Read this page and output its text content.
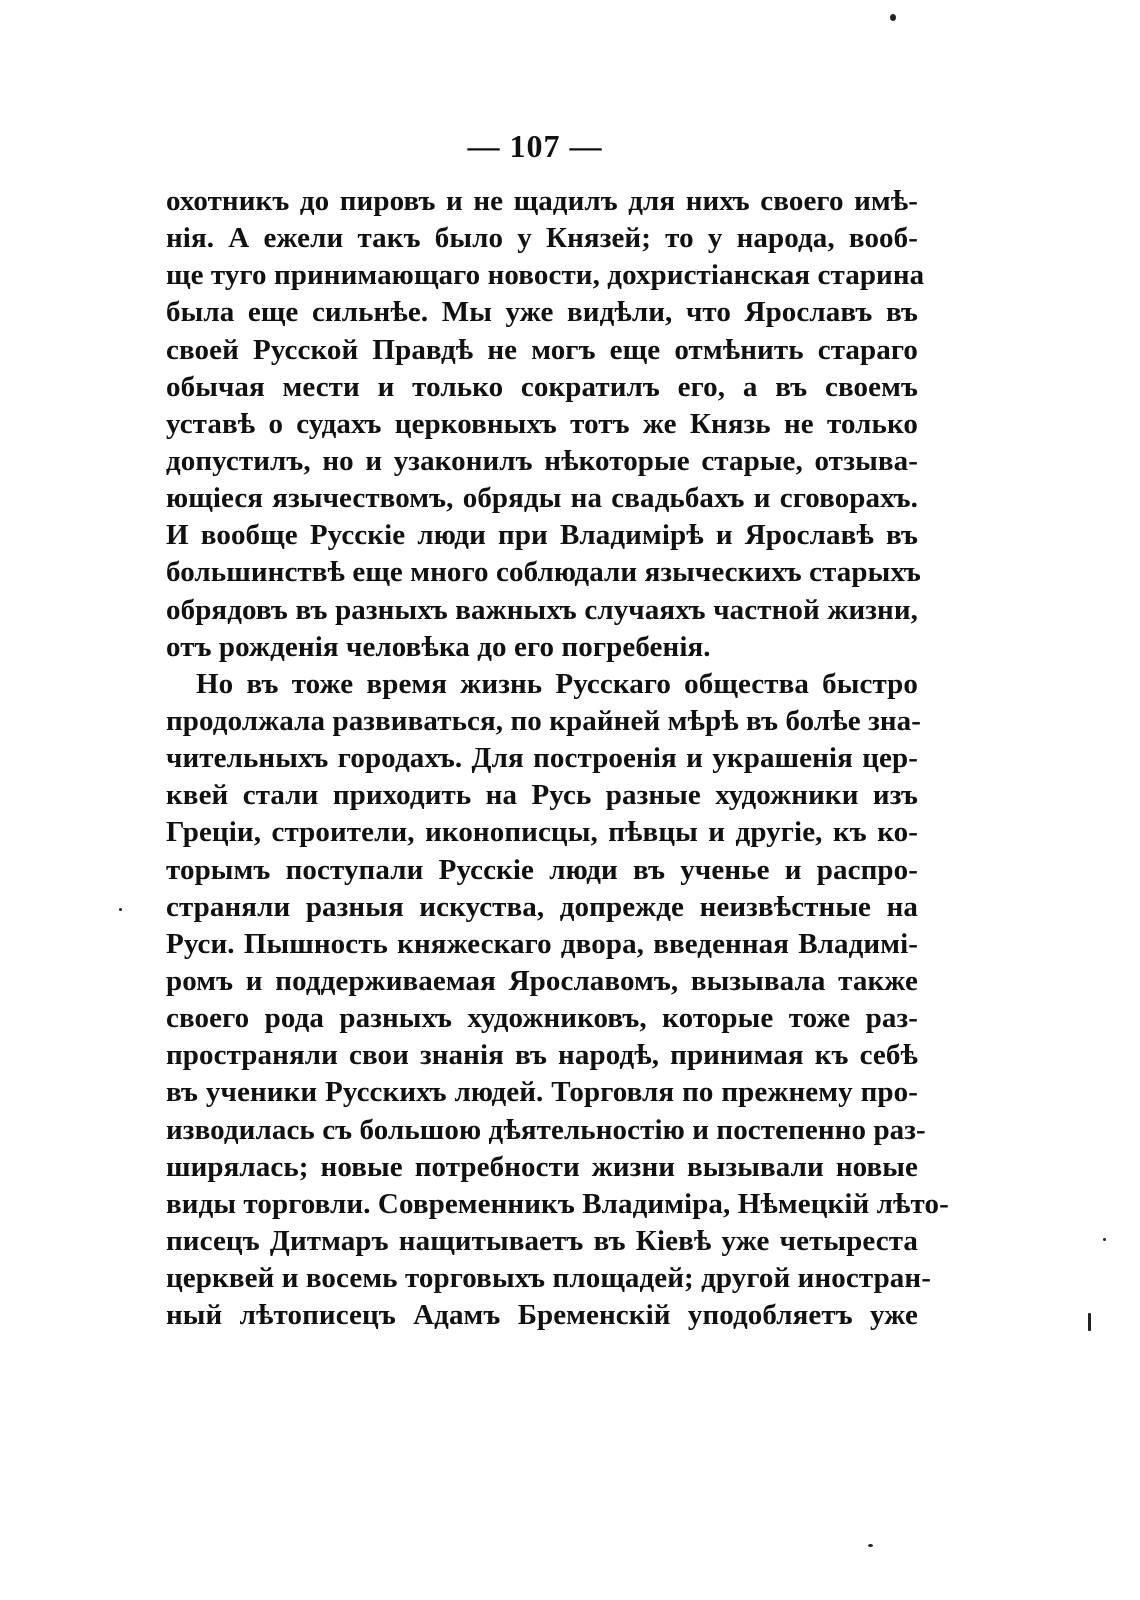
— 107 —
охотникъ до пировъ и не щадилъ для нихъ своего имѣ-
нія. А ежели такъ было у Князей; то у народа, вооб-
ще туго принимающаго новости, дохристіанская старина
была еще сильнѣе. Мы уже видѣли, что Ярославъ въ
своей Русской Правдѣ не могъ еще отмѣнить стараго
обычая мести и только сократилъ его, а въ своемъ
уставѣ о судахъ церковныхъ тотъ же Князь не только
допустилъ, но и узаконилъ нѣкоторые старые, отзыва-
ющіеся язычествомъ, обряды на свадьбахъ и сговорахъ.
И вообще Русскіе люди при Владимірѣ и Ярославѣ въ
большинствѣ еще много соблюдали языческихъ старыхъ
обрядовъ въ разныхъ важныхъ случаяхъ частной жизни,
отъ рожденія человѣка до его погребенія.
Но въ тоже время жизнь Русскаго общества быстро
продолжала развиваться, по крайней мѣрѣ въ болѣе зна-
чительныхъ городахъ. Для построенія и украшенія цер-
квей стали приходить на Русь разные художники изъ
Греціи, строители, иконописцы, пѣвцы и другіе, къ ко-
торымъ поступали Русскіе люди въ ученье и распро-
страняли разныя искуства, допрежде неизвѣстные на
Руси. Пышность княжескаго двора, введенная Владимі-
ромъ и поддерживаемая Ярославомъ, вызывала также
своего рода разныхъ художниковъ, которые тоже раз-
пространяли свои знанія въ народѣ, принимая къ себѣ
въ ученики Русскихъ людей. Торговля по прежнему про-
изводилась съ большою дѣятельностію и постепенно раз-
ширялась; новые потребности жизни вызывали новые
виды торговли. Современникъ Владиміра, Нѣмецкій лѣто-
писецъ Дитмаръ нащитываетъ въ Кіевѣ уже четыреста
церквей и восемь торговыхъ площадей; другой иностран-
ный лѣтописецъ Адамъ Бременскій уподобляетъ уже
